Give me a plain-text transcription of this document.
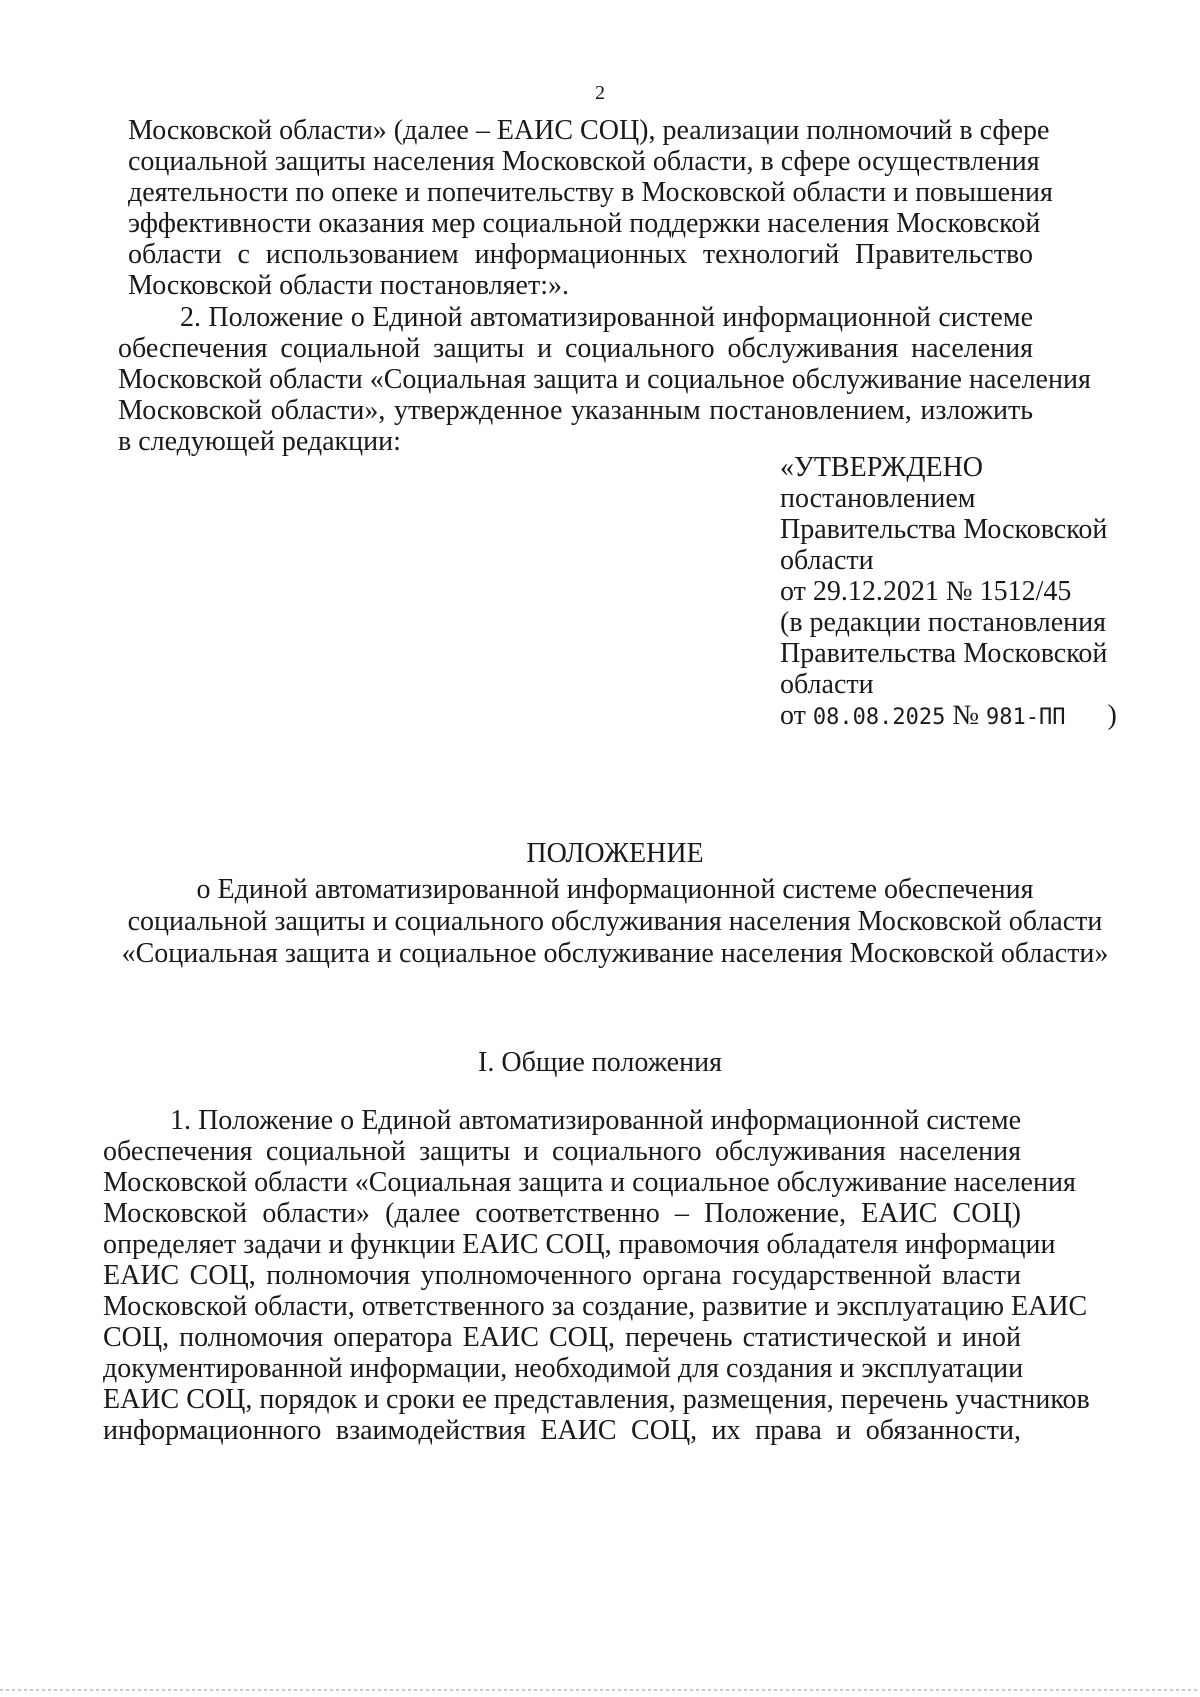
2
Московской области» (далее – ЕАИС СОЦ), реализации полномочий в сфере
социальной защиты населения Московской области, в сфере осуществления
деятельности по опеке и попечительству в Московской области и повышения
эффективности оказания мер социальной поддержки населения Московской
области с использованием информационных технологий Правительство
Московской области постановляет:».
2. Положение о Единой автоматизированной информационной системе
обеспечения социальной защиты и социального обслуживания населения
Московской области «Социальная защита и социальное обслуживание населения
Московской области», утвержденное указанным постановлением, изложить
в следующей редакции:
«УТВЕРЖДЕНО
постановлением
Правительства Московской
области
от 29.12.2021 № 1512/45
(в редакции постановления
Правительства Московской
области
от 08.08.2025 № 981-ПП )
ПОЛОЖЕНИЕ
о Единой автоматизированной информационной системе обеспечения
социальной защиты и социального обслуживания населения Московской области
«Социальная защита и социальное обслуживание населения Московской области»
I. Общие положения
1. Положение о Единой автоматизированной информационной системе
обеспечения социальной защиты и социального обслуживания населения
Московской области «Социальная защита и социальное обслуживание населения
Московской области» (далее соответственно – Положение, ЕАИС СОЦ)
определяет задачи и функции ЕАИС СОЦ, правомочия обладателя информации
ЕАИС СОЦ, полномочия уполномоченного органа государственной власти
Московской области, ответственного за создание, развитие и эксплуатацию ЕАИС
СОЦ, полномочия оператора ЕАИС СОЦ, перечень статистической и иной
документированной информации, необходимой для создания и эксплуатации
ЕАИС СОЦ, порядок и сроки ее представления, размещения, перечень участников
информационного взаимодействия ЕАИС СОЦ, их права и обязанности,
